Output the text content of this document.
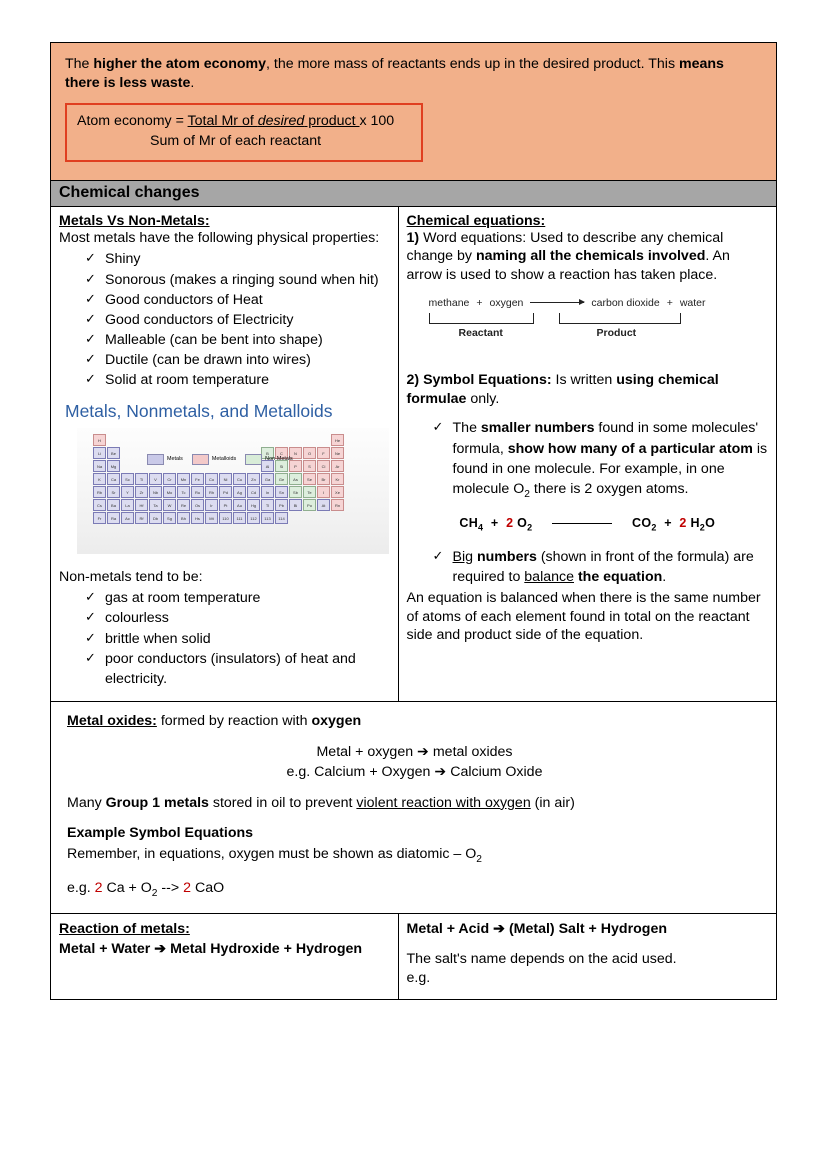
The higher the atom economy, the more mass of reactants ends up in the desired product. This means there is less waste.

Atom economy = Total Mr of desired product x 100
Sum of Mr of each reactant
Chemical changes
Metals Vs Non-Metals:
Most metals have the following physical properties:
✓ Shiny
✓ Sonorous (makes a ringing sound when hit)
✓ Good conductors of Heat
✓ Good conductors of Electricity
✓ Malleable (can be bent into shape)
✓ Ductile (can be drawn into wires)
✓ Solid at room temperature
Metals, Nonmetals, and Metalloids
H	He
Li	Be	B	C	N	O	F	Ne
Na	Mg	Al	Si	P	S	Cl	Ar
K	Ca	Sc	Ti	V	Cr	Mn	Fe	Co	Ni	Cu	Zn	Ga	Ge	As	Se	Br	Kr
Rb	Sr	Y	Zr	Nb	Mo	Tc	Ru	Rh	Pd	Ag	Cd	In	Sn	Sb	Te	I	Xe
Cs	Ba	La	Hf	Ta	W	Re	Os	Ir	Pt	Au	Hg	Tl	Pb	Bi	Po	At	Rn
Fr	Ra	Ac	Rf	Db	Sg	Bh	Hs	Mt	110	111	112	113	114
Metals	Metalloids	Non-Metals
Non-metals tend to be:
✓ gas at room temperature
✓ colourless
✓ brittle when solid
✓ poor conductors (insulators) of heat and electricity.
Chemical equations:
1) Word equations: Used to describe any chemical change by naming all the chemicals involved. An arrow is used to show a reaction has taken place.
methane + oxygen	carbon dioxide + water
Reactant	Product
2) Symbol Equations: Is written using chemical formulae only.
✓ The smaller numbers found in some molecules' formula, show how many of a particular atom is found in one molecule. For example, in one molecule $O_2$ there is 2 oxygen atoms.
$CH_4 + 2$ $O_2$	$CO_2 + 2$ $H_2O$
✓ Big numbers (shown in front of the formula) are required to balance the equation.
An equation is balanced when there is the same number of atoms of each element found in total on the reactant side and product side of the equation.
Metal oxides: formed by reaction with oxygen
Metal + oxygen ➔ metal oxides
e.g. Calcium + Oxygen ➔ Calcium Oxide
Many Group 1 metals stored in oil to prevent violent reaction with oxygen (in air)
Example Symbol Equations
Remember, in equations, oxygen must be shown as diatomic – $O_2$
e.g. 2 $Ca + O_2$ --> 2 CaO
Reaction of metals:
Metal + Water ➔ Metal Hydroxide + Hydrogen
Metal + Acid ➔ (Metal) Salt + Hydrogen
The salt's name depends on the acid used.
e.g.
